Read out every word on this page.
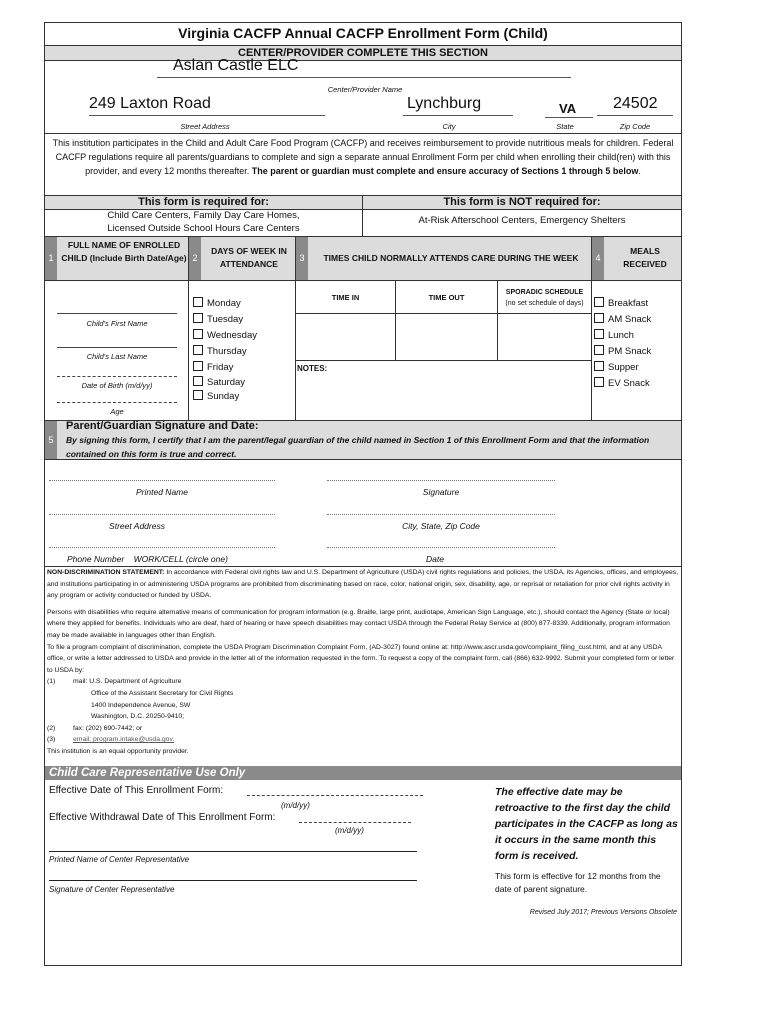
Virginia CACFP Annual CACFP Enrollment Form (Child)
CENTER/PROVIDER COMPLETE THIS SECTION
Aslan Castle ELC
Center/Provider Name
249 Laxton Road	Lynchburg	VA 24502
Street Address	City	State	Zip Code
This institution participates in the Child and Adult Care Food Program (CACFP) and receives reimbursement to provide nutritious meals for children. Federal CACFP regulations require all parents/guardians to complete and sign a separate annual Enrollment Form per child when enrolling their child(ren) with this provider, and every 12 months thereafter. The parent or guardian must complete and ensure accuracy of Sections 1 through 5 below.
This form is required for:	This form is NOT required for:
Child Care Centers, Family Day Care Homes,
Licensed Outside School Hours Care Centers
At-Risk Afterschool Centers, Emergency Shelters
1
FULL NAME OF ENROLLED CHILD (Include Birth Date/Age) 2
DAYS OF WEEK IN ATTENDANCE
3	TIMES CHILD NORMALLY ATTENDS CARE DURING THE WEEK	4
MEALS RECEIVED
Child's First Name
Child's Last Name
Date of Birth (m/d/yy)
Age
Monday
Tuesday
Wednesday
Thursday
Friday
Saturday
Sunday
TIME IN	TIME OUT
SPORADIC SCHEDULE
(no set schedule of days)
NOTES:
Breakfast
AM Snack
Lunch
PM Snack
Supper
EV Snack
5
Parent/Guardian Signature and Date:
By signing this form, I certify that I am the parent/legal guardian of the child named in Section 1 of this Enrollment Form and that the information contained on this form is true and correct.
Printed Name	Signature
Street Address	City, State, Zip Code
Phone Number    WORK/CELL (circle one)	Date
NON-DISCRIMINATION STATEMENT: In accordance with Federal civil rights law and U.S. Department of Agriculture (USDA) civil rights regulations and policies, the USDA, its Agencies, offices, and employees, and institutions participating in or administering USDA programs are prohibited from discriminating based on race, color, national origin, sex, disability, age, or reprisal or retaliation for prior civil rights activity in any program or activity conducted or funded by USDA.
Persons with disabilities who require alternative means of communication for program information (e.g. Braille, large print, audiotape, American Sign Language, etc.), should contact the Agency (State or local) where they applied for benefits. Individuals who are deaf, hard of hearing or have speech disabilities may contact USDA through the Federal Relay Service at (800) 877-8339. Additionally, program information may be made available in languages other than English.
To file a program complaint of discrimination, complete the USDA Program Discrimination Complaint Form, (AD-3027) found online at: http://www.ascr.usda.gov/complaint_filing_cust.html, and at any USDA office, or write a letter addressed to USDA and provide in the letter all of the information requested in the form. To request a copy of the complaint form, call (866) 632-9992. Submit your completed form or letter to USDA by:
(1)	mail: U.S. Department of Agriculture
Office of the Assistant Secretary for Civil Rights
1400 Independence Avenue, SW
Washington, D.C. 20250-9410;
(2)	fax: (202) 690-7442; or
(3)	email: program.intake@usda.gov.
This institution is an equal opportunity provider.
Child Care Representative Use Only
Effective Date of This Enrollment Form:
(m/d/yy)
Effective Withdrawal Date of This Enrollment Form:
(m/d/yy)
Printed Name of Center Representative
Signature of Center Representative
The effective date may be retroactive to the first day the child participates in the CACFP as long as it occurs in the same month this form is received.
This form is effective for 12 months from the date of parent signature.
Revised July 2017; Previous Versions Obsolete
